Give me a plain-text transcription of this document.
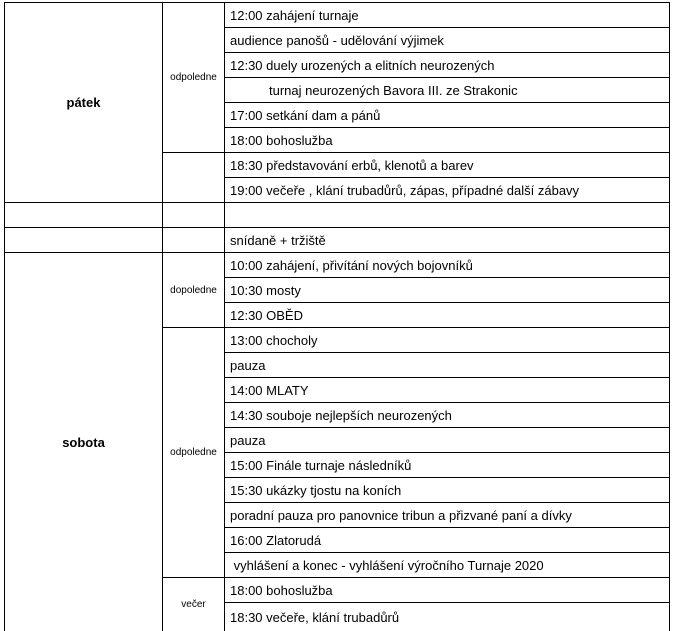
pátek
sobota
odpoledne
dopoledne
odpoledne
večer
12:00 zahájení turnaje
audience panošů - udělování výjimek
12:30 duely urozených a elitních neurozených
turnaj neurozených Bavora III. ze Strakonic
17:00 setkání dam a pánů
18:00 bohoslužba
18:30 představování erbů, klenotů a barev
19:00 večeře , klání trubadůrů, zápas, případné další zábavy
snídaně + tržiště
10:00 zahájení, přivítání nových bojovníků
10:30 mosty
12:30 OBĚD
13:00 chocholy
pauza
14:00 MLATY
14:30 souboje nejlepších neurozených
pauza
15:00 Finále turnaje následníků
15:30 ukázky tjostu na koních
poradní pauza pro panovnice tribun a přizvané paní a dívky
16:00 Zlatorudá
vyhlášení a konec - vyhlášení výročního Turnaje 2020
18:00 bohoslužba
18:30 večeře, klání trubadůrů
